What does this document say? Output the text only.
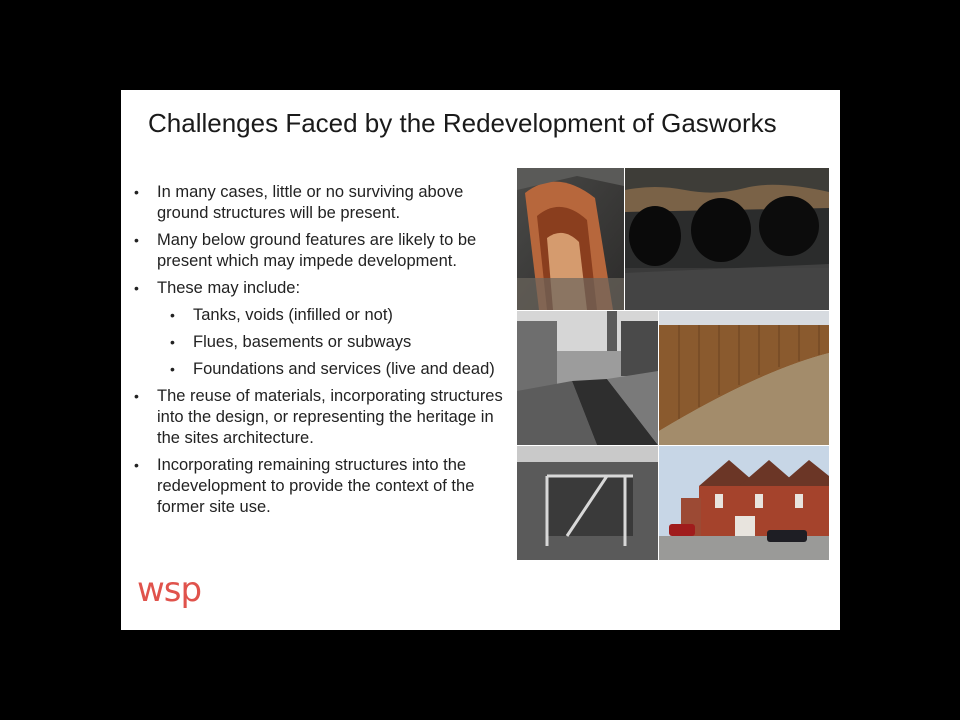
Challenges Faced by the Redevelopment of Gasworks
• In many cases, little or no surviving above ground structures will be present.
• Many below ground features are likely to be present which may impede development.
• These may include:
• Tanks, voids (infilled or not)
• Flues, basements or subways
• Foundations and services (live and dead)
• The reuse of materials, incorporating structures into the design, or representing the heritage in the sites architecture.
• Incorporating remaining structures into the redevelopment to provide the context of the former site use.
wsp
